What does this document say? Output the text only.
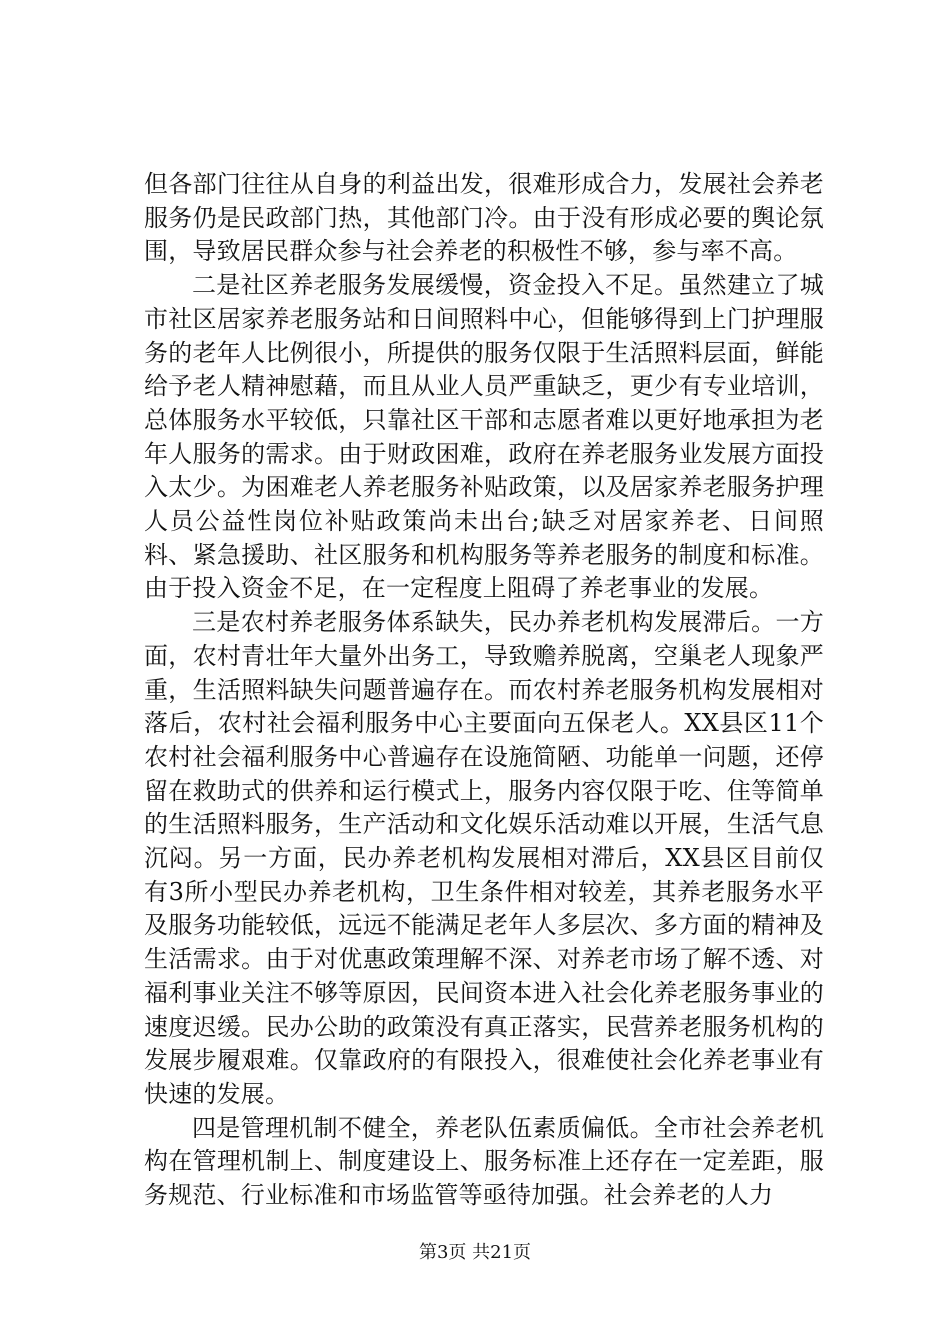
但各部门往往从自身的利益出发，很难形成合力，发展社会养老服务仍是民政部门热，其他部门冷。由于没有形成必要的舆论氛围，导致居民群众参与社会养老的积极性不够，参与率不高。

二是社区养老服务发展缓慢，资金投入不足。虽然建立了城市社区居家养老服务站和日间照料中心，但能够得到上门护理服务的老年人比例很小，所提供的服务仅限于生活照料层面，鲜能给予老人精神慰藉，而且从业人员严重缺乏，更少有专业培训，总体服务水平较低，只靠社区干部和志愿者难以更好地承担为老年人服务的需求。由于财政困难，政府在养老服务业发展方面投入太少。为困难老人养老服务补贴政策，以及居家养老服务护理人员公益性岗位补贴政策尚未出台;缺乏对居家养老、日间照料、紧急援助、社区服务和机构服务等养老服务的制度和标准。由于投入资金不足，在一定程度上阻碍了养老事业的发展。

三是农村养老服务体系缺失，民办养老机构发展滞后。一方面，农村青壮年大量外出务工，导致赡养脱离，空巢老人现象严重，生活照料缺失问题普遍存在。而农村养老服务机构发展相对落后，农村社会福利服务中心主要面向五保老人。XX县区11个农村社会福利服务中心普遍存在设施简陋、功能单一问题，还停留在救助式的供养和运行模式上，服务内容仅限于吃、住等简单的生活照料服务，生产活动和文化娱乐活动难以开展，生活气息沉闷。另一方面，民办养老机构发展相对滞后，XX县区目前仅有3所小型民办养老机构，卫生条件相对较差，其养老服务水平及服务功能较低，远远不能满足老年人多层次、多方面的精神及生活需求。由于对优惠政策理解不深、对养老市场了解不透、对福利事业关注不够等原因，民间资本进入社会化养老服务事业的速度迟缓。民办公助的政策没有真正落实，民营养老服务机构的发展步履艰难。仅靠政府的有限投入，很难使社会化养老事业有快速的发展。

四是管理机制不健全，养老队伍素质偏低。全市社会养老机构在管理机制上、制度建设上、服务标准上还存在一定差距，服务规范、行业标准和市场监管等亟待加强。社会养老的人力

第3页 共21页
